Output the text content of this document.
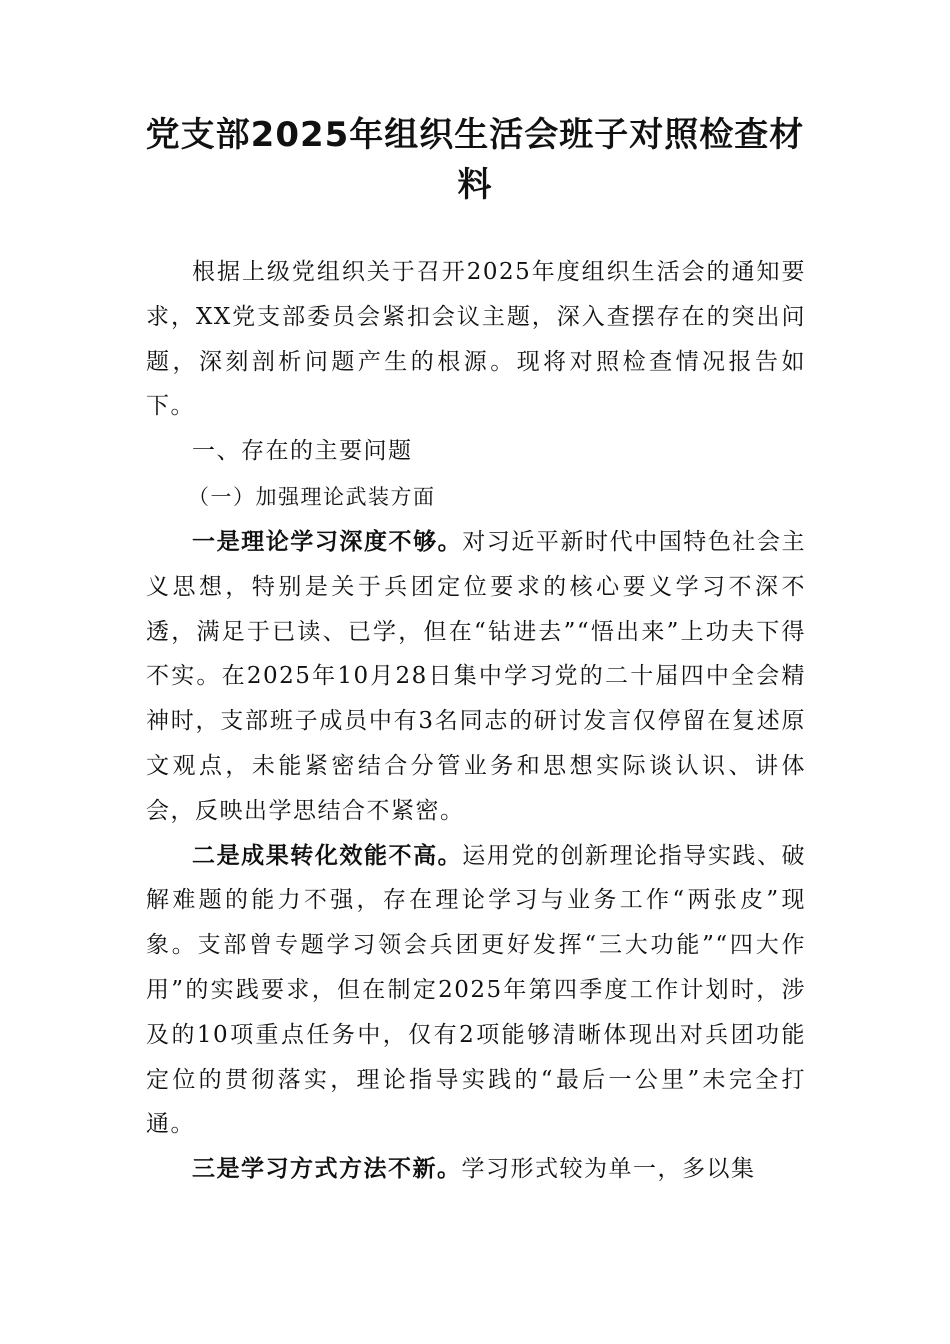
党支部2025年组织生活会班子对照检查材料

根据上级党组织关于召开2025年度组织生活会的通知要求，XX党支部委员会紧扣会议主题，深入查摆存在的突出问题，深刻剖析问题产生的根源。现将对照检查情况报告如下。

一、存在的主要问题

（一）加强理论武装方面

一是理论学习深度不够。对习近平新时代中国特色社会主义思想，特别是关于兵团定位要求的核心要义学习不深不透，满足于已读、已学，但在“钻进去”“悟出来”上功夫下得不实。在2025年10月28日集中学习党的二十届四中全会精神时，支部班子成员中有3名同志的研讨发言仅停留在复述原文观点，未能紧密结合分管业务和思想实际谈认识、讲体会，反映出学思结合不紧密。

二是成果转化效能不高。运用党的创新理论指导实践、破解难题的能力不强，存在理论学习与业务工作“两张皮”现象。支部曾专题学习领会兵团更好发挥“三大功能”“四大作用”的实践要求，但在制定2025年第四季度工作计划时，涉及的10项重点任务中，仅有2项能够清晰体现出对兵团功能定位的贯彻落实，理论指导实践的“最后一公里”未完全打通。

三是学习方式方法不新。学习形式较为单一，多以集
